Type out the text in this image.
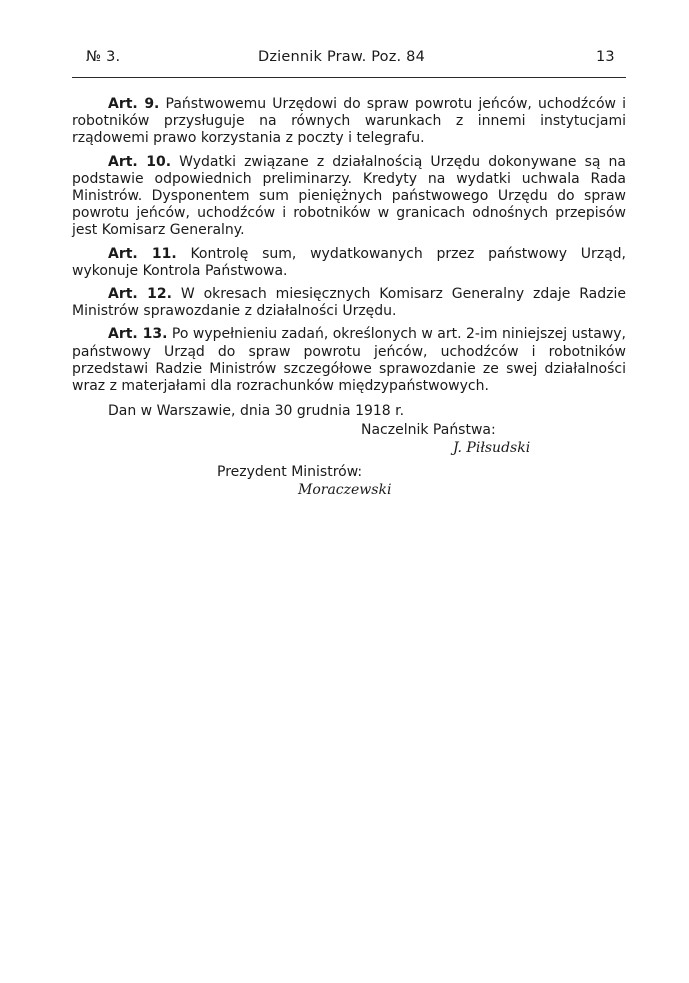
№ 3.	Dziennik Praw. Poz. 84	13

Art. 9. Państwowemu Urzędowi do spraw powrotu jeńców, uchodźców i robotników przysługuje na równych warunkach z innemi instytucjami rządowemi prawo korzystania z poczty i telegrafu.

Art. 10. Wydatki związane z działalnością Urzędu dokonywane są na podstawie odpowiednich preliminarzy. Kredyty na wydatki uchwala Rada Ministrów. Dysponentem sum pieniężnych państwowego Urzędu do spraw powrotu jeńców, uchodźców i robotników w granicach odnośnych przepisów jest Komisarz Generalny.

Art. 11. Kontrolę sum, wydatkowanych przez państwowy Urząd, wykonuje Kontrola Państwowa.

Art. 12. W okresach miesięcznych Komisarz Generalny zdaje Radzie Ministrów sprawozdanie z działalności Urzędu.

Art. 13. Po wypełnieniu zadań, określonych w art. 2-im niniejszej ustawy, państwowy Urząd do spraw powrotu jeńców, uchodźców i robotników przedstawi Radzie Ministrów szczegółowe sprawozdanie ze swej działalności wraz z materjałami dla rozrachunków międzypaństwowych.

Dan w Warszawie, dnia 30 grudnia 1918 r.

Naczelnik Państwa:
J. Piłsudski
Prezydent Ministrów:
Moraczewski
